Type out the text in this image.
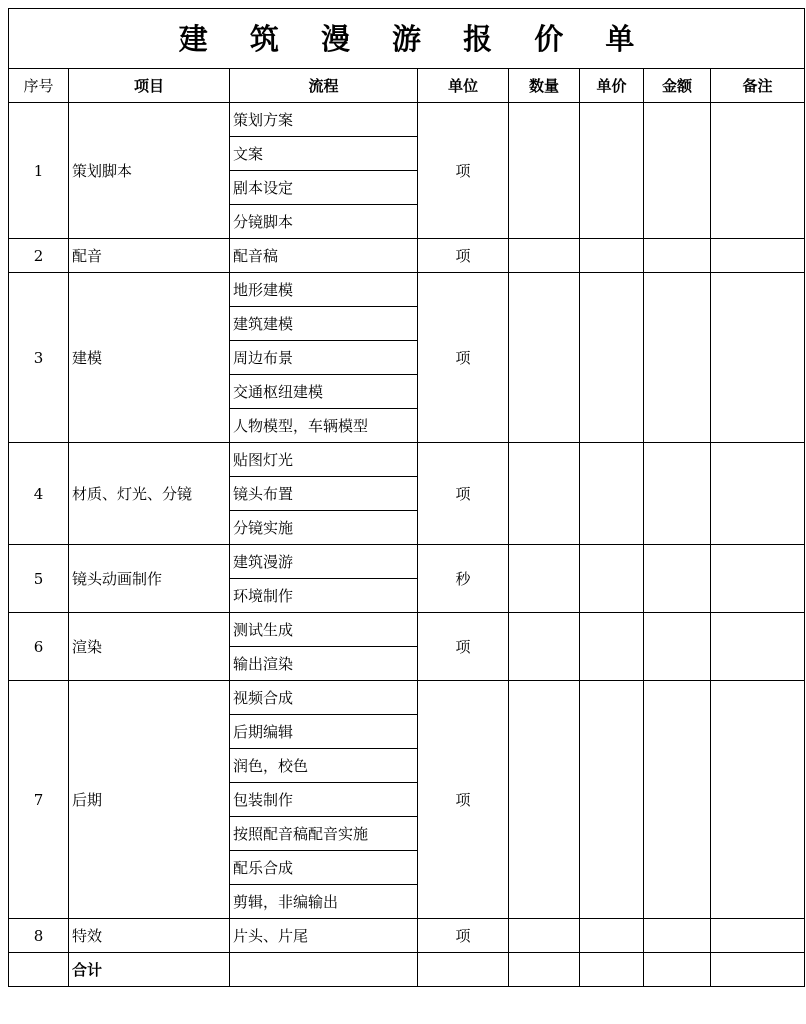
建 筑 漫 游 报 价 单							
序号	项目	流程	单位	数量	单价	金额	备注
1	策划脚本	策划方案	项				
		文案					
		剧本设定					
		分镜脚本					
2	配音	配音稿	项				
3	建模	地形建模	项				
		建筑建模					
		周边布景					
		交通枢纽建模					
		人物模型，车辆模型					
4	材质、灯光、分镜	贴图灯光	项				
		镜头布置					
		分镜实施					
5	镜头动画制作	建筑漫游	秒				
		环境制作					
6	渲染	测试生成	项				
		输出渲染					
7	后期	视频合成	项				
		后期编辑					
		润色，校色					
		包装制作					
		按照配音稿配音实施					
		配乐合成					
		剪辑，非编输出					
8	特效	片头、片尾	项				
	合计						
